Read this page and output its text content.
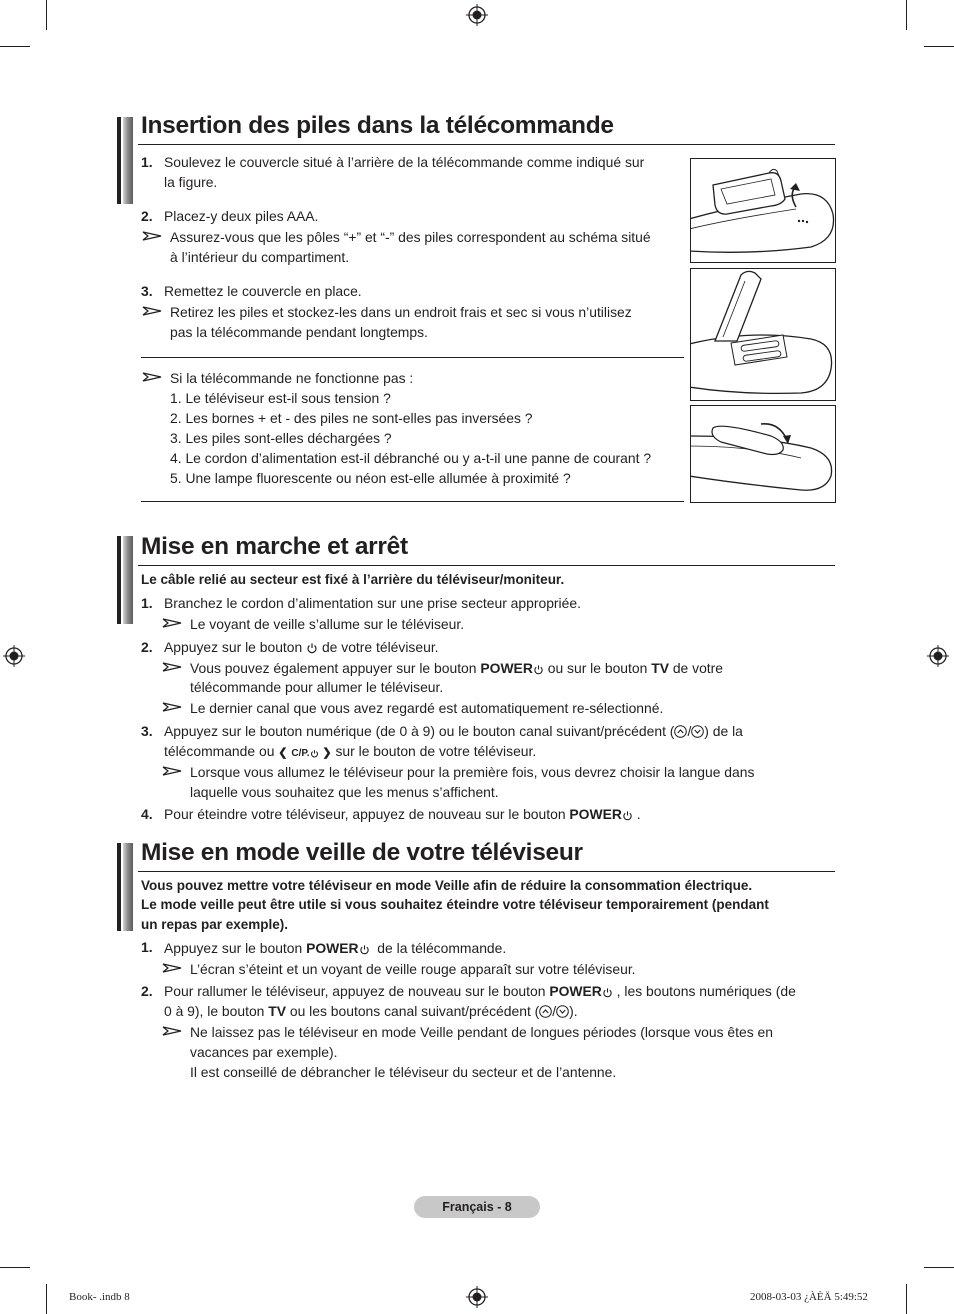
Insertion des piles dans la télécommande
1. Soulevez le couvercle situé à l’arrière de la télécommande comme indiqué sur
la figure.
2. Placez-y deux piles AAA.
Assurez-vous que les pôles “+” et “-” des piles correspondent au schéma situé
à l’intérieur du compartiment.
3. Remettez le couvercle en place.
Retirez les piles et stockez-les dans un endroit frais et sec si vous n’utilisez
pas la télécommande pendant longtemps.
Si la télécommande ne fonctionne pas :
1. Le téléviseur est-il sous tension ?
2. Les bornes + et - des piles ne sont-elles pas inversées ?
3. Les piles sont-elles déchargées ?
4. Le cordon d’alimentation est-il débranché ou y a-t-il une panne de courant ?
5. Une lampe fluorescente ou néon est-elle allumée à proximité ?
Mise en marche et arrêt
Le câble relié au secteur est fixé à l’arrière du téléviseur/moniteur.
1. Branchez le cordon d’alimentation sur une prise secteur appropriée.
Le voyant de veille s’allume sur le téléviseur.
2. Appuyez sur le bouton de votre téléviseur.
Vous pouvez également appuyer sur le bouton POWER ou sur le bouton TV de votre
télécommande pour allumer le téléviseur.
Le dernier canal que vous avez regardé est automatiquement re-sélectionné.
3. Appuyez sur le bouton numérique (de 0 à 9) ou le bouton canal suivant/précédent ( / ) de la
télécommande ou ❮ C/P. ❯ sur le bouton de votre téléviseur.
Lorsque vous allumez le téléviseur pour la première fois, vous devrez choisir la langue dans
laquelle vous souhaitez que les menus s’affichent.
4. Pour éteindre votre téléviseur, appuyez de nouveau sur le bouton POWER .
Mise en mode veille de votre téléviseur
Vous pouvez mettre votre téléviseur en mode Veille afin de réduire la consommation électrique.
Le mode veille peut être utile si vous souhaitez éteindre votre téléviseur temporairement (pendant
un repas par exemple).
1. Appuyez sur le bouton POWER de la télécommande.
L’écran s’éteint et un voyant de veille rouge apparaît sur votre téléviseur.
2. Pour rallumer le téléviseur, appuyez de nouveau sur le bouton POWER , les boutons numériques (de
0 à 9), le bouton TV ou les boutons canal suivant/précédent ( / ).
Ne laissez pas le téléviseur en mode Veille pendant de longues périodes (lorsque vous êtes en
vacances par exemple).
Il est conseillé de débrancher le téléviseur du secteur et de l’antenne.
Français - 8
Book- .indb 8	2008-03-03 ¿ÀÈÄ 5:49:52
